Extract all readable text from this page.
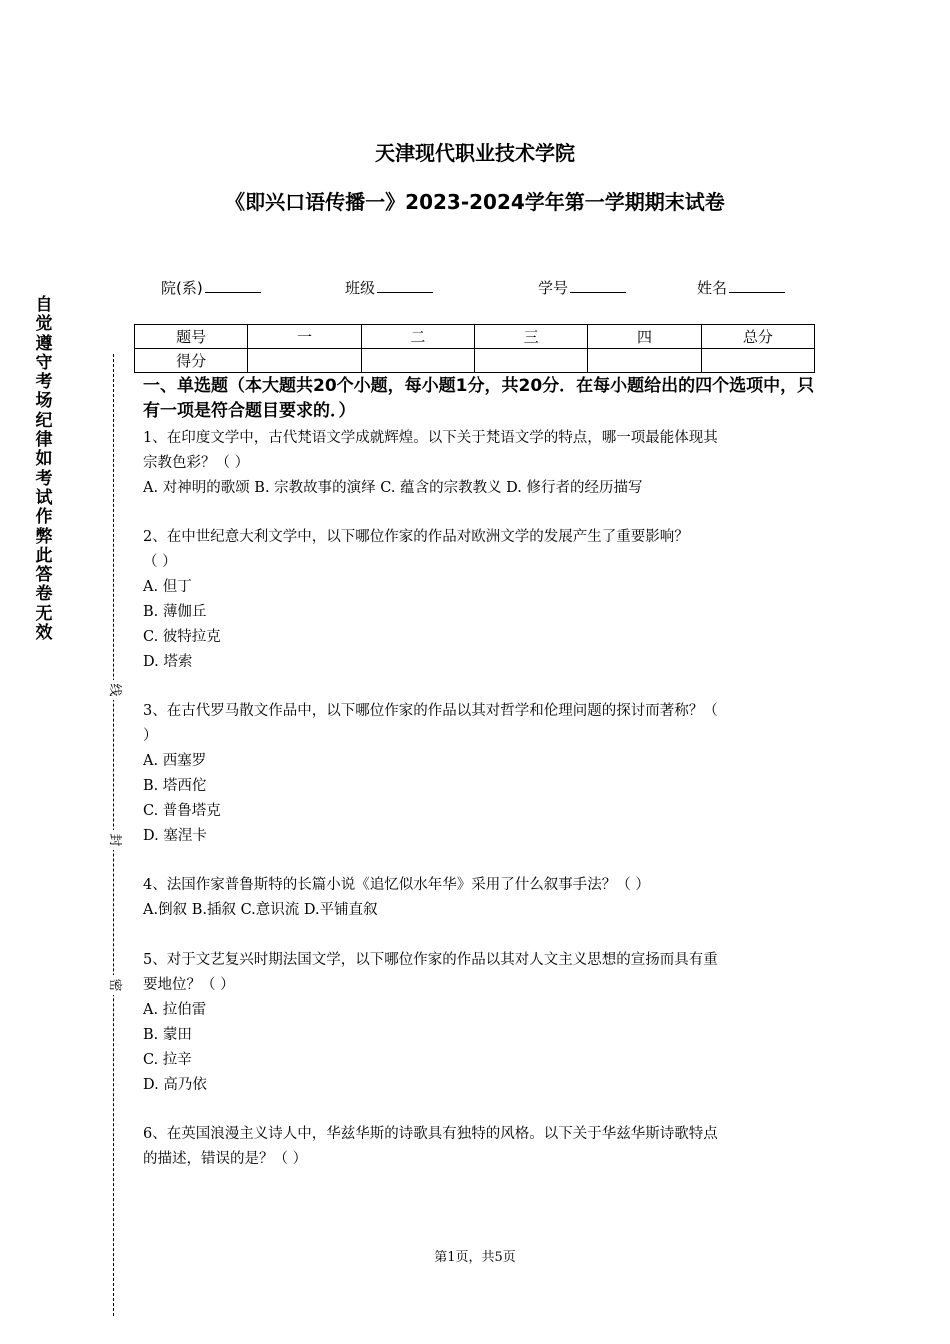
天津现代职业技术学院
《即兴口语传播一》2023-2024学年第一学期期末试卷
院(系)	班级	学号	姓名
题号	一	二	三	四	总分
得分					
自觉遵守考场纪律如考试作弊此答卷无效
线
封
密
一、单选题（本大题共20个小题，每小题1分，共20分．在每小题给出的四个选项中，只有一项是符合题目要求的．）
1、在印度文学中，古代梵语文学成就辉煌。以下关于梵语文学的特点，哪一项最能体现其
宗教色彩？（ ）
A. 对神明的歌颂 B. 宗教故事的演绎 C. 蕴含的宗教教义 D. 修行者的经历描写
2、在中世纪意大利文学中，以下哪位作家的作品对欧洲文学的发展产生了重要影响？
（ ）
A. 但丁
B. 薄伽丘
C. 彼特拉克
D. 塔索
3、在古代罗马散文作品中，以下哪位作家的作品以其对哲学和伦理问题的探讨而著称？（
）
A. 西塞罗
B. 塔西佗
C. 普鲁塔克
D. 塞涅卡
4、法国作家普鲁斯特的长篇小说《追忆似水年华》采用了什么叙事手法？（ ）
A.倒叙 B.插叙 C.意识流 D.平铺直叙
5、对于文艺复兴时期法国文学，以下哪位作家的作品以其对人文主义思想的宣扬而具有重
要地位？（ ）
A. 拉伯雷
B. 蒙田
C. 拉辛
D. 高乃依
6、在英国浪漫主义诗人中，华兹华斯的诗歌具有独特的风格。以下关于华兹华斯诗歌特点
的描述，错误的是？（ ）
第1页，共5页
